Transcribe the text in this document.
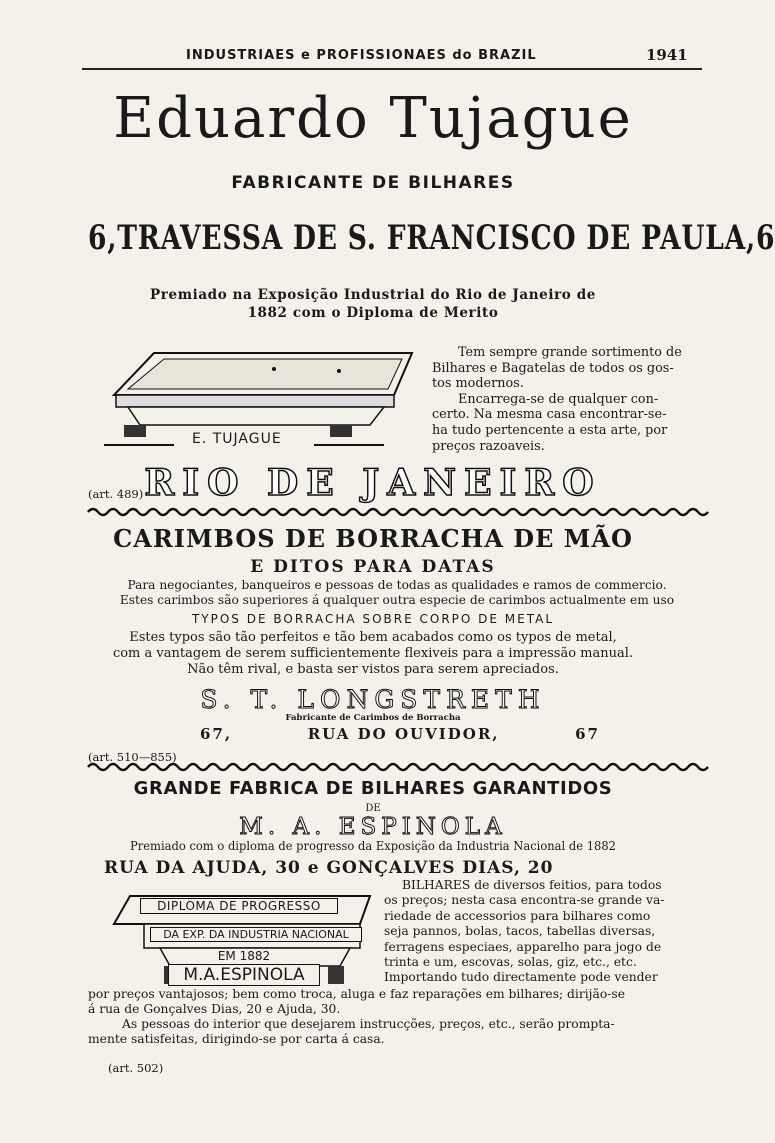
INDUSTRIAES e PROFISSIONAES do BRAZIL	1941

Eduardo Tujague

FABRICANTE DE BILHARES

6, TRAVESSA DE S. FRANCISCO DE PAULA, 6

Premiado na Exposição Industrial do Rio de Janeiro de

1882 com o Diploma de Merito

E. TUJAGUE

Tem sempre grande sortimento de
Bilhares e Bagatelas de todos os gos-
tos modernos.
Encarrega-se de qualquer con-
certo. Na mesma casa encontrar-se-
ha tudo pertencente a esta arte, por
preços razoaveis.

(art. 489) RIO DE JANEIRO

CARIMBOS DE BORRACHA DE MÃO

E DITOS PARA DATAS

Para negociantes, banqueiros e pessoas de todas as qualidades e ramos de commercio.
Estes carimbos são superiores á qualquer outra especie de carimbos actualmente em uso

TYPOS DE BORRACHA SOBRE CORPO DE METAL

Estes typos são tão perfeitos e tão bem acabados como os typos de metal,
com a vantagem de serem sufficientemente flexiveis para a impressão manual.
Não têm rival, e basta ser vistos para serem apreciados.

S. T. LONGSTRETH

Fabricante de Carimbos de Borracha

67,	RUA DO OUVIDOR,	67

(art. 510—855)

GRANDE FABRICA DE BILHARES GARANTIDOS

DE

M. A. ESPINOLA

Premiado com o diploma de progresso da Exposição da Industria Nacional de 1882

RUA DA AJUDA, 30 e GONÇALVES DIAS, 20

DIPLOMA DE PROGRESSO
DA EXP. DA INDUSTRIA NACIONAL
EM 1882
M.A.ESPINOLA
BILHARES de diversos feitios, para todos
os preços; nesta casa encontra-se grande va-
riedade de accessorios para bilhares como
seja pannos, bolas, tacos, tabellas diversas,
ferragens especiaes, apparelho para jogo de
trinta e um, escovas, solas, giz, etc., etc.
Importando tudo directamente pode vender
por preços vantajosos; bem como troca, aluga e faz reparações em bilhares; dirijão-se
á rua de Gonçalves Dias, 20 e Ajuda, 30.
As pessoas do interior que desejarem instrucções, preços, etc., serão prompta-
mente satisfeitas, dirigindo-se por carta á casa.

(art. 502)
